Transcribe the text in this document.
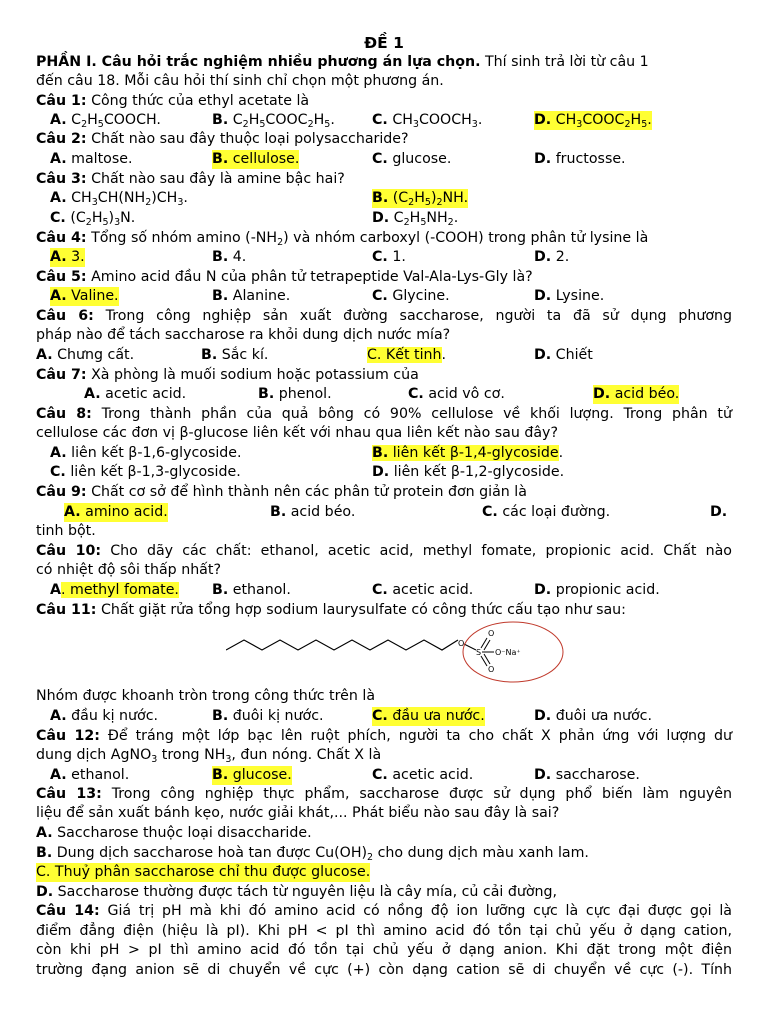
ĐỀ 1
PHẦN I. Câu hỏi trắc nghiệm nhiều phương án lựa chọn. Thí sinh trả lời từ câu 1
đến câu 18. Mỗi câu hỏi thí sinh chỉ chọn một phương án.
Câu 1: Công thức của ethyl acetate là
A. $C_2H_5COOCH$.	B. $C_2H_5COOC_2H_5$.	C. $CH_3COOCH_3$.	D. $CH_3COOC_2H_5$.
Câu 2: Chất nào sau đây thuộc loại polysaccharide?
A. maltose.	B. cellulose.	C. glucose.	D. fructosse.
Câu 3: Chất nào sau đây là amine bậc hai?
A. $CH_3CH(NH_2)CH_3$.	B. $(C_2H_5)_2NH$.
C. $(C_2H_5)_3N$.	D. $C_2H_5NH_2$.
Câu 4: Tổng số nhóm amino $(-NH_2)$ và nhóm carboxyl (-COOH) trong phân tử lysine là
A. 3.	B. 4.	C. 1.	D. 2.
Câu 5: Amino acid đầu N của phân tử tetrapeptide Val-Ala-Lys-Gly là?
A. Valine.	B. Alanine.	C. Glycine.	D. Lysine.
Câu 6: Trong công nghiệp sản xuất đường saccharose, người ta đã sử dụng phương
pháp nào để tách saccharose ra khỏi dung dịch nước mía?
A. Chưng cất.	B. Sắc kí.	C. Kết tinh.	D. Chiết
Câu 7: Xà phòng là muối sodium hoặc potassium của
A. acetic acid.	B. phenol.	C. acid vô cơ.	D. acid béo.
Câu 8: Trong thành phần của quả bông có 90% cellulose về khối lượng. Trong phân tử
cellulose các đơn vị β-glucose liên kết với nhau qua liên kết nào sau đây?
A. liên kết β-1,6-glycoside.	B. liên kết β-1,4-glycoside.
C. liên kết β-1,3-glycoside.	D. liên kết β-1,2-glycoside.
Câu 9: Chất cơ sở để hình thành nên các phân tử protein đơn giản là
A. amino acid.	B. acid béo.	C. các loại đường.	D.
tinh bột.
Câu 10: Cho dãy các chất: ethanol, acetic acid, methyl fomate, propionic acid. Chất nào
có nhiệt độ sôi thấp nhất?
A. methyl fomate. B. ethanol.	C. acetic acid.	D. propionic acid.
Câu 11: Chất giặt rửa tổng hợp sodium laurysulfate có công thức cấu tạo như sau:
O
O
S
O
O⁻Na⁺
Nhóm được khoanh tròn trong công thức trên là
A. đầu kị nước.	B. đuôi kị nước.	C. đầu ưa nước.	D. đuôi ưa nước.
Câu 12: Để tráng một lớp bạc lên ruột phích, người ta cho chất X phản ứng với lượng dư
dung dịch AgNO$_3$ trong $NH_3$, đun nóng. Chất X là
A. ethanol.	B. glucose.	C. acetic acid.	D. saccharose.
Câu 13: Trong công nghiệp thực phẩm, saccharose được sử dụng phổ biến làm nguyên
liệu để sản xuất bánh kẹo, nước giải khát,... Phát biểu nào sau đây là sai?
A. Saccharose thuộc loại disaccharide.
B. Dung dịch saccharose hoà tan được $Cu(OH)_2$ cho dung dịch màu xanh lam.
C. Thuỷ phân saccharose chỉ thu được glucose.
D. Saccharose thường được tách từ nguyên liệu là cây mía, củ cải đường,
Câu 14: Giá trị pH mà khi đó amino acid có nồng độ ion lưỡng cực là cực đại được gọi là
điểm đẳng điện (hiệu là pI). Khi pH < pI thì amino acid đó tồn tại chủ yếu ở dạng cation,
còn khi pH > pI thì amino acid đó tồn tại chủ yếu ở dạng anion. Khi đặt trong một điện
trường đạng anion sẽ di chuyển về cực (+) còn dạng cation sẽ di chuyển về cực (-). Tính
